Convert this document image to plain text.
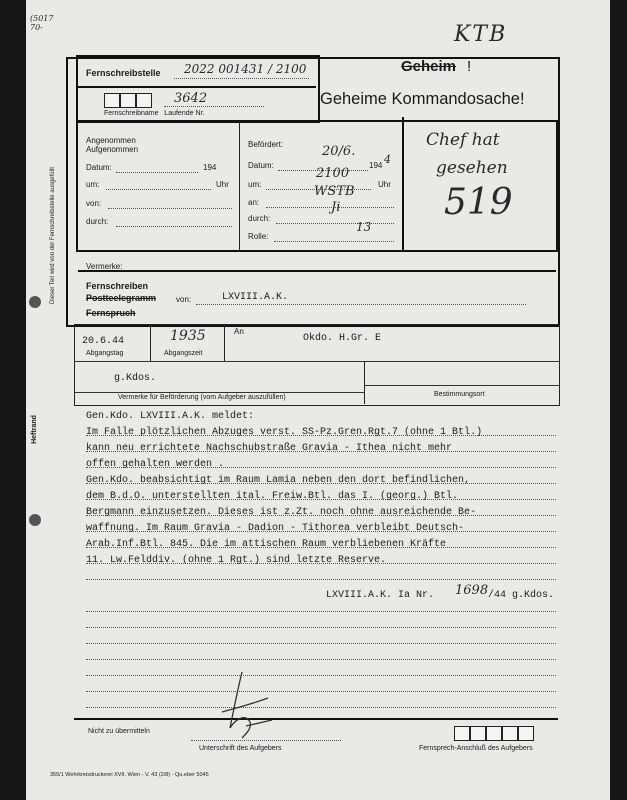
(5017
70-	KTB
Dieser Teil wird von der Fernschreibstelle ausgefüllt
Fernschreibstelle 2022 001431 / 2100
3642
Fernschreibname   Laufende Nr.
Geheim !
Geheime Kommandosache!
Angenommen
Aufgenommen
Datum:	194
um:	Uhr
von:
durch:
Befördert:
Datum:
20/6.
194 4
um:
2100
Uhr
an:
WSTB
durch:
Ji
Rolle:
13
Chef hat
gesehen
519
Vermerke:
Fernschreiben
Postteelegramm von:	LXVIII.A.K.
Fernspruch
20.6.44
Abgangstag
1935
Abgangszeit
An
Okdo. H.Gr. E
g.Kdos.
Vermerke für Beförderung (vom Aufgeber auszufüllen)	Bestimmungsort
Heftrand	Gen.Kdo. LXVIII.A.K. meldet:
Im Falle plötzlichen Abzuges verst. SS-Pz.Gren.Rgt.7 (ohne 1 Btl.)
kann neu errichtete Nachschubstraße Gravia - Ithea nicht mehr
offen gehalten werden .
Gen.Kdo. beabsichtigt im Raum Lamia neben den dort befindlichen,
dem B.d.O. unterstellten ital. Freiw.Btl. das I. (georg.) Btl.
Bergmann einzusetzen. Dieses ist z.Zt. noch ohne ausreichende Be-
waffnung. Im Raum Gravia - Dadion - Tithorea verbleibt Deutsch-
Arab.Inf.Btl. 845. Die im attischen Raum verbliebenen Kräfte
11. Lw.Felddiv. (ohne 1 Rgt.) sind letzte Reserve.
LXVIII.A.K. Ia Nr. 1698 /44 g.Kdos.
Nicht zu übermitteln
Unterschrift des Aufgebers	Fernsprech-Anschluß des Aufgebers
355/1 Wehrkreisdruckerei XVII. Wien - V. 43 (2/8) - Qu.eber 5045
